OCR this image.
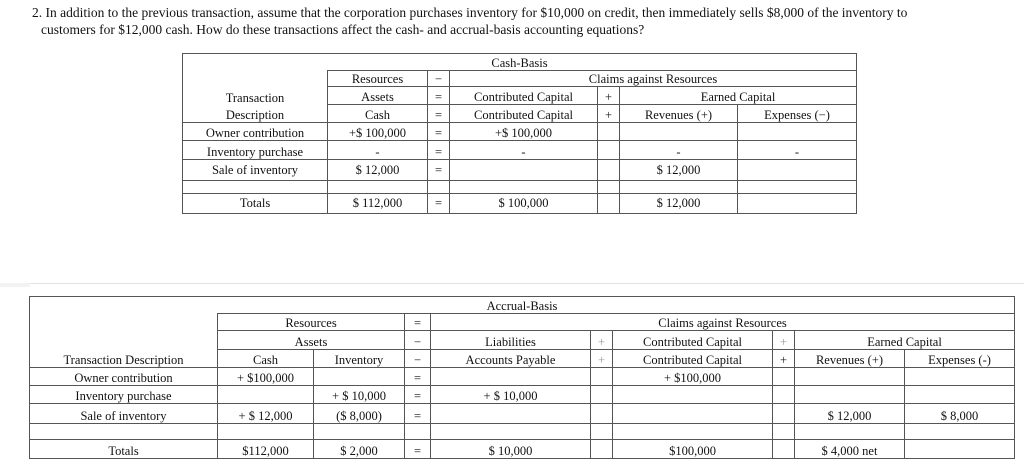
2. In addition to the previous transaction, assume that the corporation purchases inventory for $10,000 on credit, then immediately sells $8,000 of the inventory to
customers for $12,000 cash. How do these transactions affect the cash- and accrual-basis accounting equations?
Cash-Basis						
	Resources	−	Claims against Resources			
Transaction	Assets	=	Contributed Capital	+	Earned Capital	
Description	Cash	=	Contributed Capital	+	Revenues (+)	Expenses (−)
Owner contribution	+$ 100,000	=	+$ 100,000			
Inventory purchase	-	=	-		-	-
Sale of inventory	$ 12,000	=			$ 12,000	

Totals	$ 112,000	=	$ 100,000		$ 12,000	
Accrual-Basis									
	Resources		=	Claims against Resources					
	Assets		−	Liabilities	+	Contributed Capital	+	Earned Capital	
Transaction Description	Cash	Inventory	−	Accounts Payable	+	Contributed Capital	+	Revenues (+)	Expenses (-)
Owner contribution	+ $100,000		=			+ $100,000			
Inventory purchase		+ $ 10,000	=	+ $ 10,000					
Sale of inventory	+ $ 12,000	($ 8,000)	=					$ 12,000	$ 8,000

Totals	$112,000	$ 2,000	=	$ 10,000		$100,000		$ 4,000 net	
